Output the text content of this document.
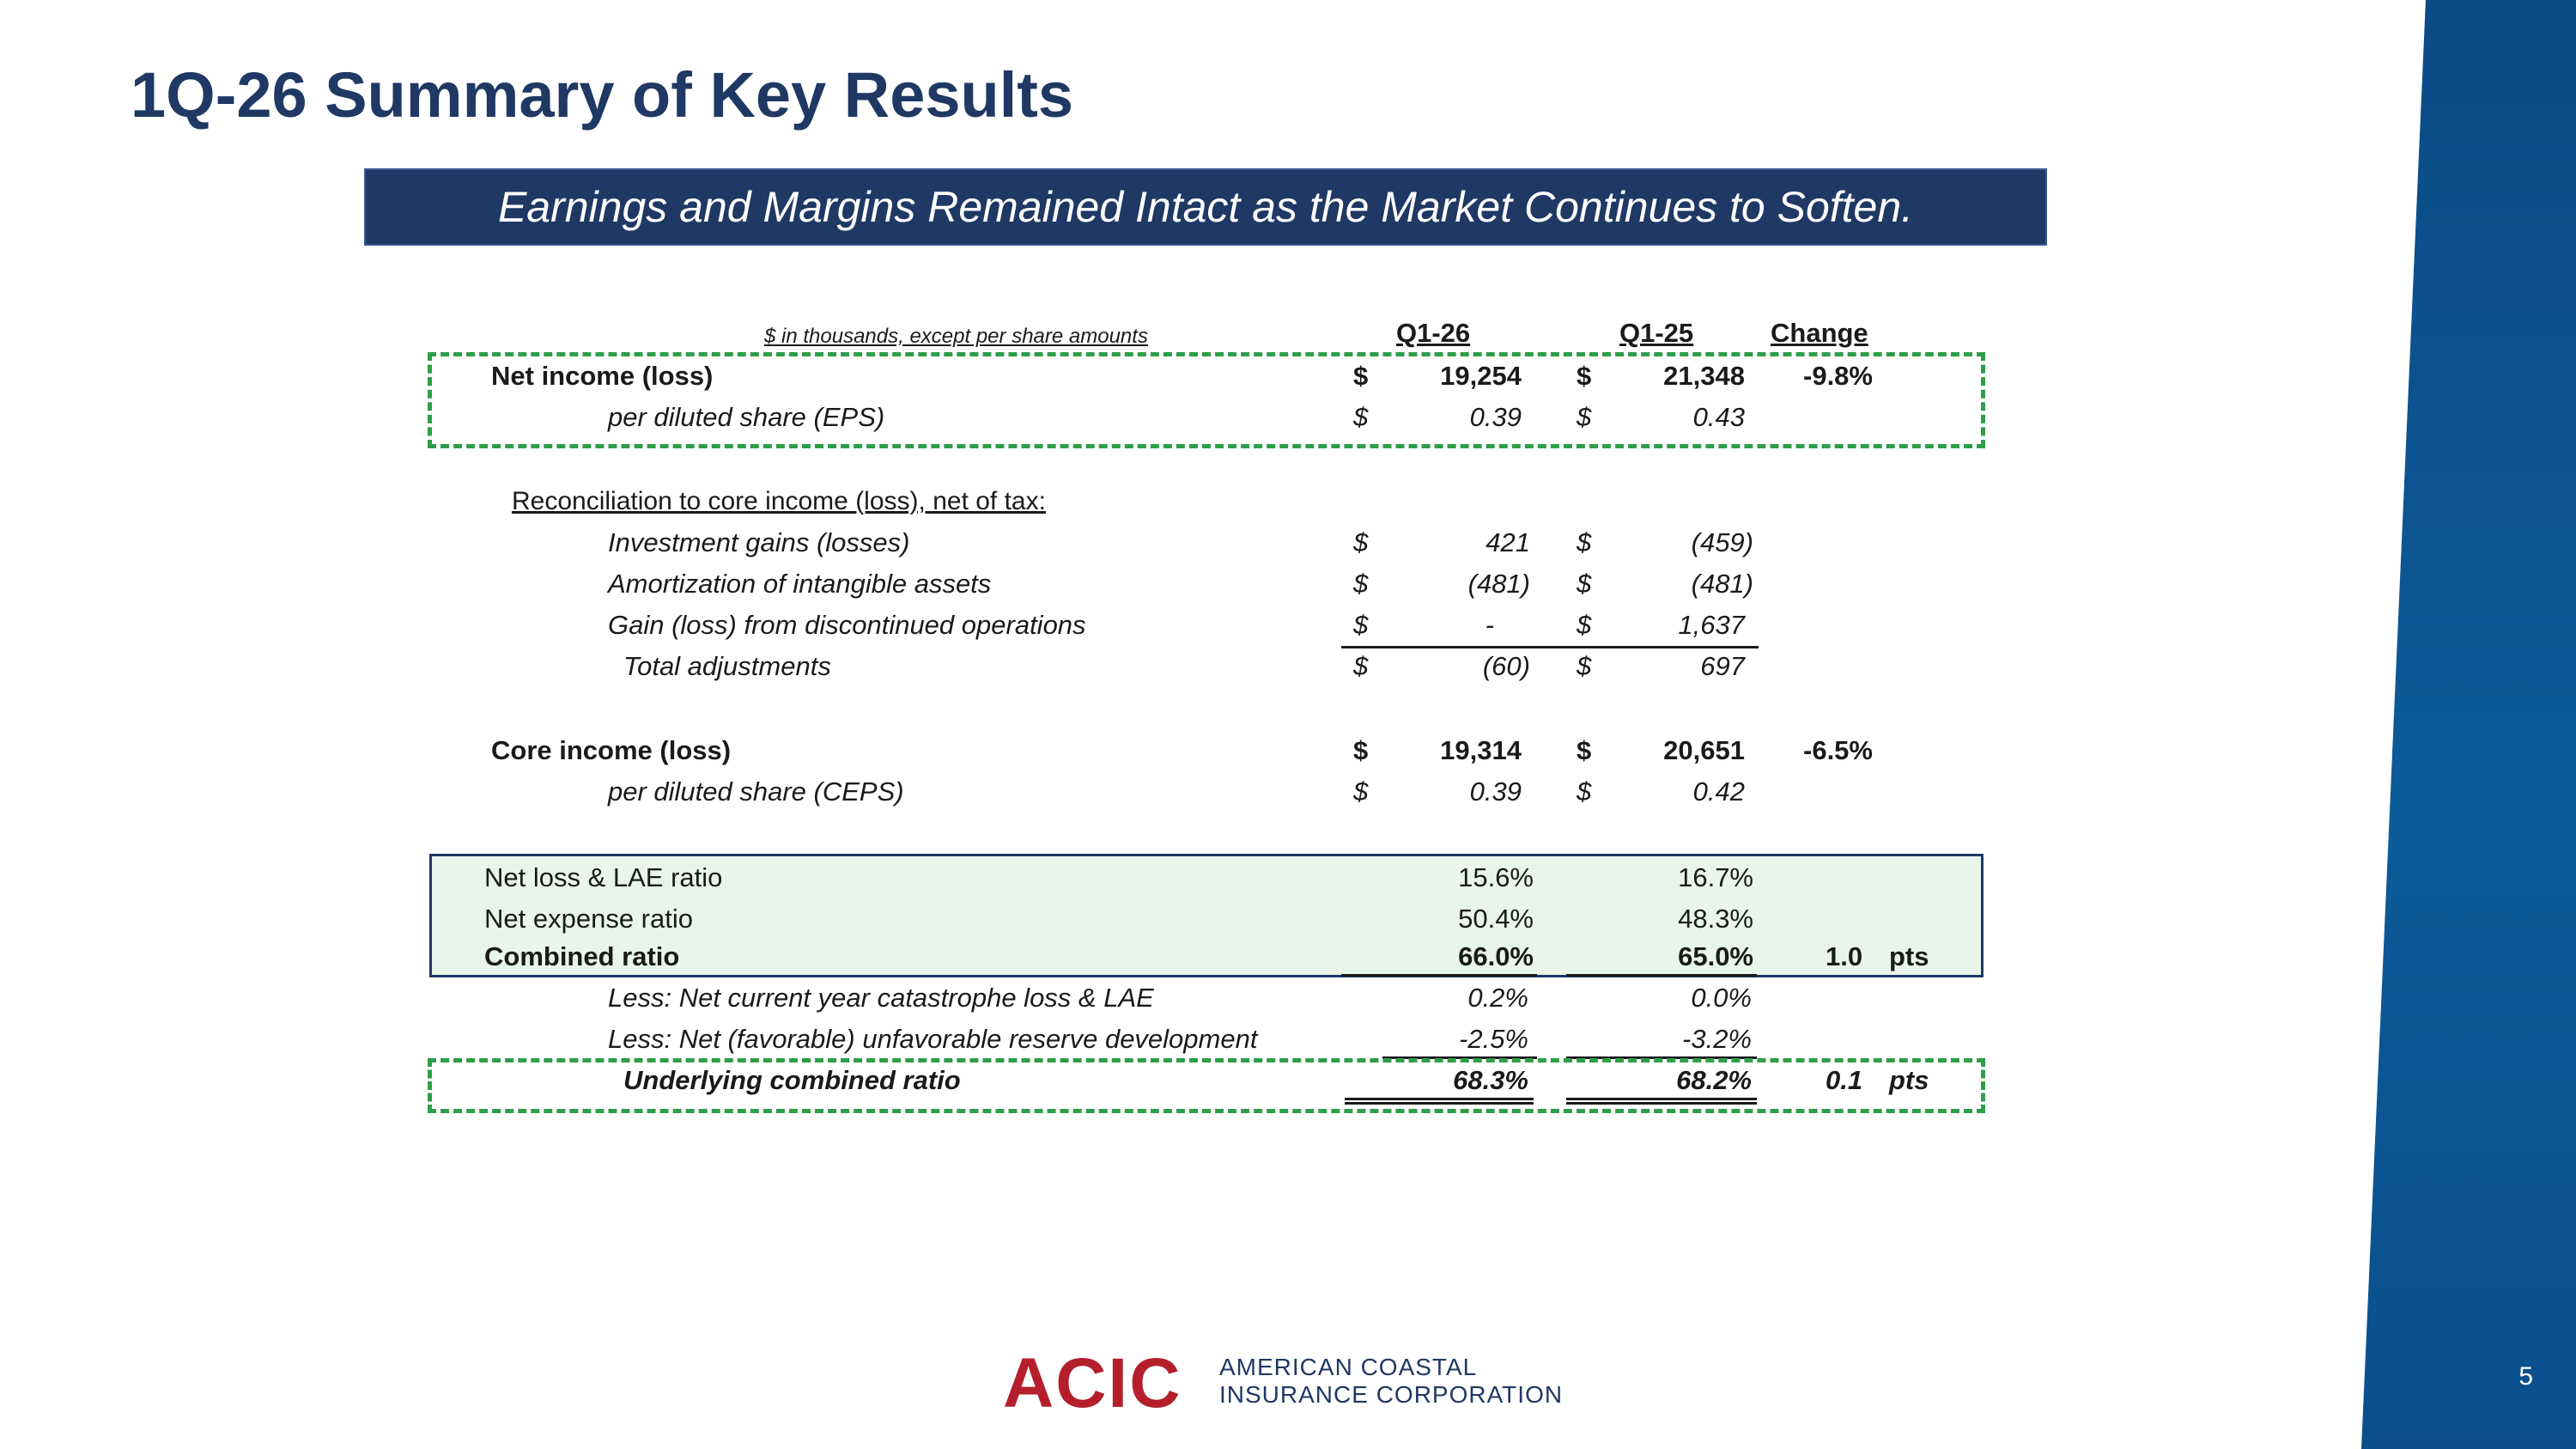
5
1Q-26 Summary of Key Results
Earnings and Margins Remained Intact as the Market Continues to Soften.
$ in thousands, except per share amounts	Q1-26	Q1-25	Change
Net income (loss)	$	19,254 $	21,348 -9.8%
per diluted share (EPS)	$	0.39 $	0.43
Reconciliation to core income (loss), net of tax:
Investment gains (losses)	$	421 $	(459)
Amortization of intangible assets	$	(481) $	(481)
Gain (loss) from discontinued operations	$	-	$	1,637
Total adjustments	$	(60) $	697
Core income (loss)	$	19,314 $	20,651 -6.5%
per diluted share (CEPS)	$	0.39 $	0.42
Net loss & LAE ratio	15.6%	16.7%
Net expense ratio	50.4%	48.3%
Combined ratio	66.0%	65.0%	1.0 pts
Less: Net current year catastrophe loss & LAE	0.2%	0.0%
Less: Net (favorable) unfavorable reserve development	-2.5%	-3.2%
Underlying combined ratio	68.3%	68.2%	0.1 pts
ACIC AMERICAN COASTAL
INSURANCE CORPORATION
